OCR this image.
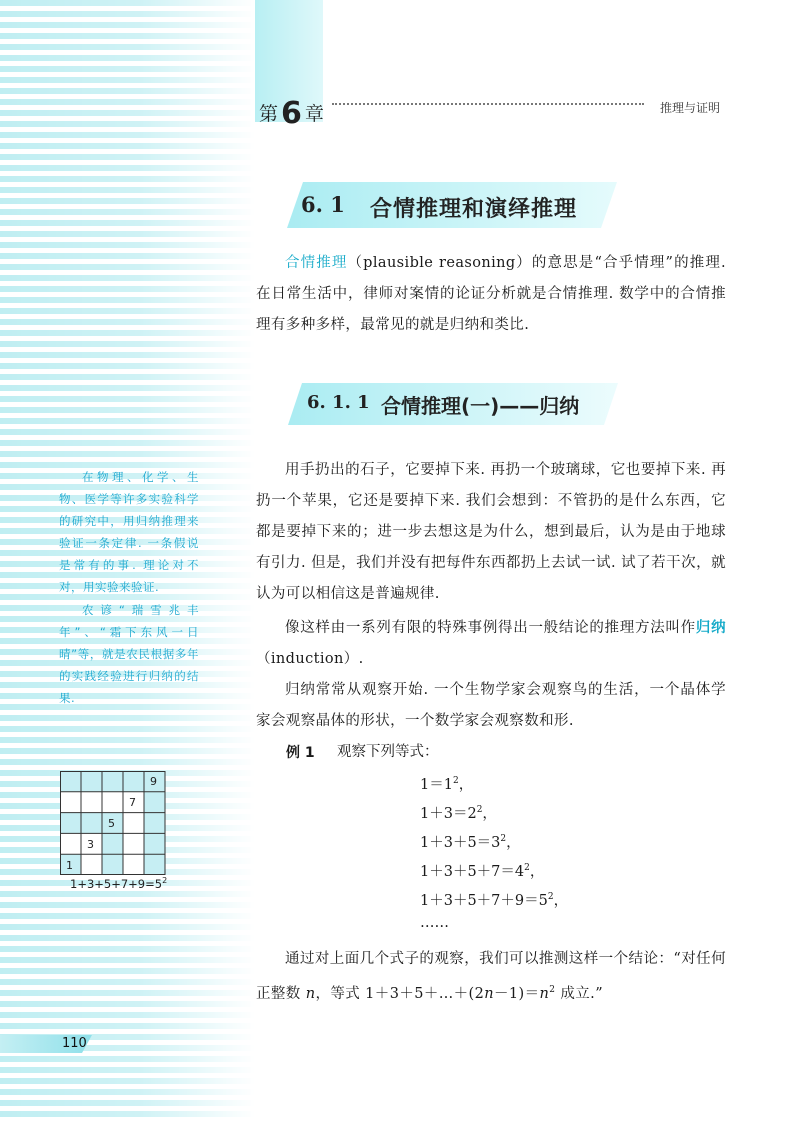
第 6 章	推理与证明
6. 1 合情推理和演绎推理
合情推理（plausible reasoning）的意思是“合乎情理”的推理. 在日常生活中，律师对案情的论证分析就是合情推理. 数学中的合情推理有多种多样，最常见的就是归纳和类比.
6. 1. 1 合情推理(一)——归纳
用手扔出的石子，它要掉下来. 再扔一个玻璃球，它也要掉下来. 再扔一个苹果，它还是要掉下来. 我们会想到：不管扔的是什么东西，它都是要掉下来的；进一步去想这是为什么，想到最后，认为是由于地球有引力. 但是，我们并没有把每件东西都扔上去试一试. 试了若干次，就认为可以相信这是普遍规律.
像这样由一系列有限的特殊事例得出一般结论的推理方法叫作归纳（induction）.
归纳常常从观察开始. 一个生物学家会观察鸟的生活，一个晶体学家会观察晶体的形状，一个数学家会观察数和形.
例 1 观察下列等式：
$1=1^2$，
$1+3=2^2$，
$1+3+5=3^2$，
$1+3+5+7=4^2$，
$1+3+5+7+9=5^2$，
……
通过对上面几个式子的观察，我们可以推测这样一个结论：“对任何正整数 n，等式 $1+3+5+\dots+(2n-1)=n^2$ 成立.”
在物理、化学、生物、医学等许多实验科学的研究中，用归纳推理来验证一条定律. 一条假说是常有的事. 理论对不对，用实验来验证.
农谚“瑞雪兆丰年”、“霜下东风一日晴”等，就是农民根据多年的实践经验进行归纳的结果.
1
3
5
7
9
$1+3+5+7+9=5^2$
110
